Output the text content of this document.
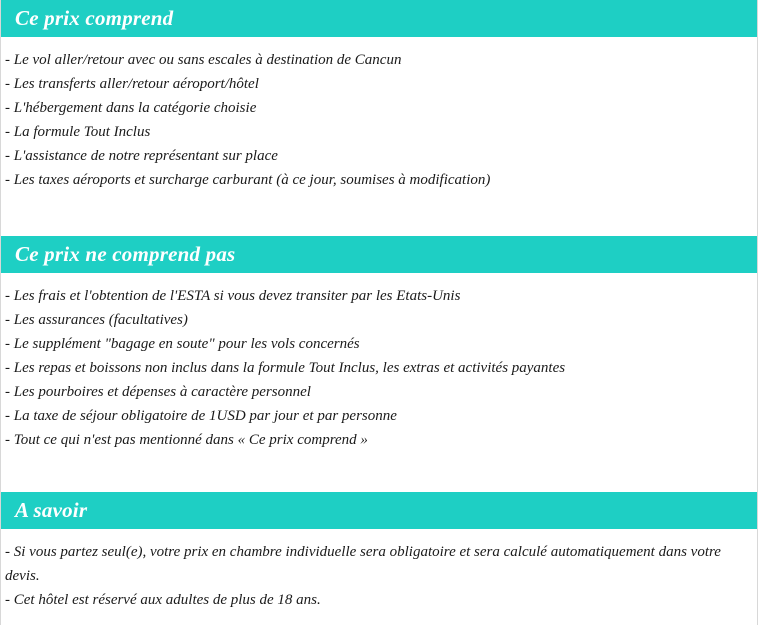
Ce prix comprend
- Le vol aller/retour avec ou sans escales à destination de Cancun
- Les transferts aller/retour aéroport/hôtel
- L'hébergement dans la catégorie choisie
- La formule Tout Inclus
- L'assistance de notre représentant sur place
- Les taxes aéroports et surcharge carburant (à ce jour, soumises à modification)
Ce prix ne comprend pas
- Les frais et l'obtention de l'ESTA si vous devez transiter par les Etats-Unis
- Les assurances (facultatives)
- Le supplément "bagage en soute" pour les vols concernés
- Les repas et boissons non inclus dans la formule Tout Inclus, les extras et activités payantes
- Les pourboires et dépenses à caractère personnel
- La taxe de séjour obligatoire de 1USD par jour et par personne
- Tout ce qui n'est pas mentionné dans « Ce prix comprend »
A savoir
- Si vous partez seul(e), votre prix en chambre individuelle sera obligatoire et sera calculé automatiquement dans votre devis.
- Cet hôtel est réservé aux adultes de plus de 18 ans.
